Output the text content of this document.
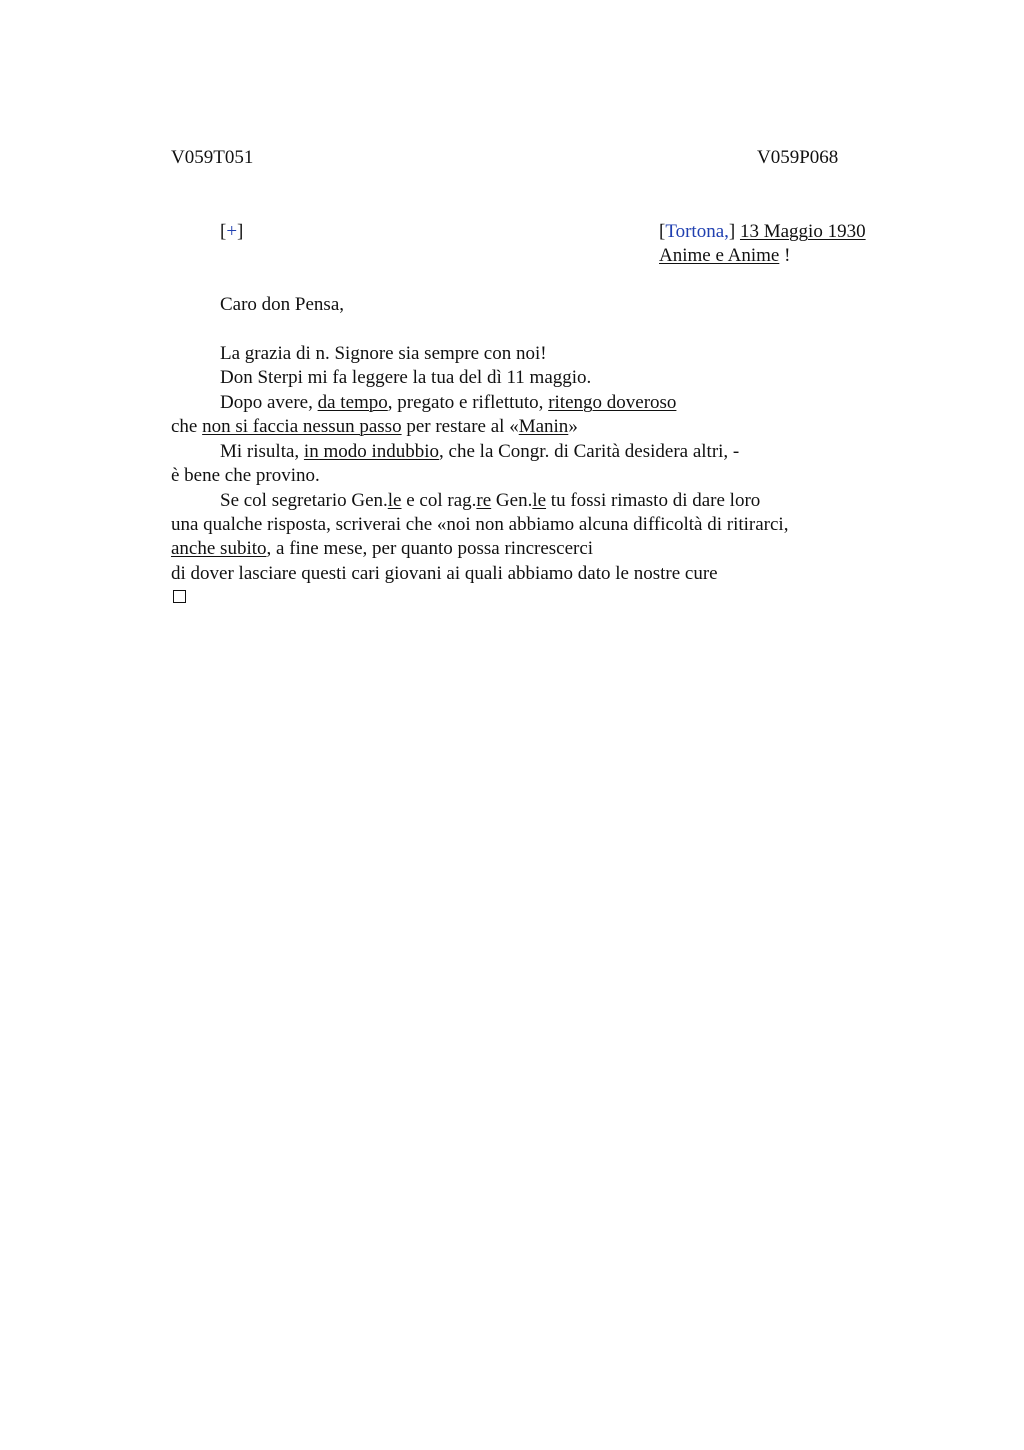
V059T051	V059P068
[+]	[Tortona,] 13 Maggio 1930
Anime e Anime !
Caro don Pensa,
La grazia di n. Signore sia sempre con noi!
Don Sterpi mi fa leggere la tua del dì 11 maggio.
Dopo avere, da tempo, pregato e riflettuto, ritengo doveroso
che non si faccia nessun passo per restare al «Manin»
Mi risulta, in modo indubbio, che la Congr. di Carità desidera altri, -
è bene che provino.
Se col segretario Gen.le e col rag.re Gen.le tu fossi rimasto di dare loro
una qualche risposta, scriverai che «noi non abbiamo alcuna difficoltà di ritirarci,
anche subito, a fine mese, per quanto possa rincrescerci
di dover lasciare questi cari giovani ai quali abbiamo dato le nostre cure
